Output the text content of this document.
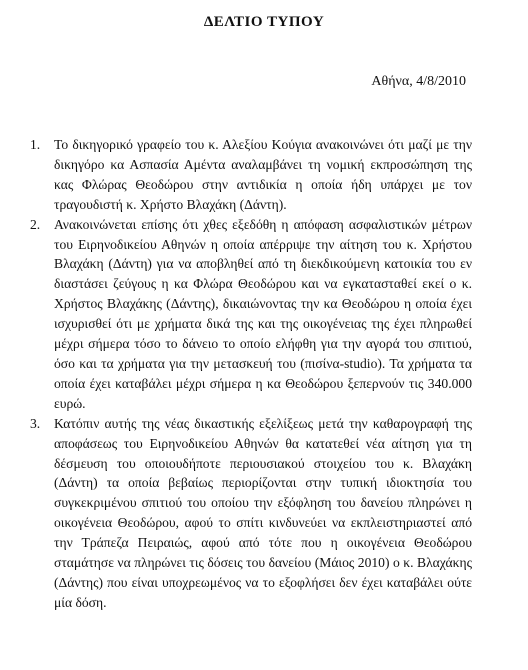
ΔΕΛΤΙΟ ΤΥΠΟΥ
Αθήνα, 4/8/2010
1.	Το δικηγορικό γραφείο του κ. Αλεξίου Κούγια ανακοινώνει ότι μαζί με την δικηγόρο κα Ασπασία Αμέντα αναλαμβάνει τη νομική εκπροσώπηση της κας Φλώρας Θεοδώρου στην αντιδικία η οποία ήδη υπάρχει με τον τραγουδιστή κ. Χρήστο Βλαχάκη (Δάντη).
2.	Ανακοινώνεται επίσης ότι χθες εξεδόθη η απόφαση ασφαλιστικών μέτρων του Ειρηνοδικείου Αθηνών η οποία απέρριψε την αίτηση του κ. Χρήστου Βλαχάκη (Δάντη) για να αποβληθεί από τη διεκδικούμενη κατοικία του εν διαστάσει ζεύγους η κα Φλώρα Θεοδώρου και να εγκατασταθεί εκεί ο κ. Χρήστος Βλαχάκης (Δάντης), δικαιώνοντας την κα Θεοδώρου η οποία έχει ισχυρισθεί ότι με χρήματα δικά της και της οικογένειας της έχει πληρωθεί μέχρι σήμερα τόσο το δάνειο το οποίο ελήφθη για την αγορά του σπιτιού, όσο και τα χρήματα για την μετασκευή του (πισίνα-studio). Τα χρήματα τα οποία έχει καταβάλει μέχρι σήμερα η κα Θεοδώρου ξεπερνούν τις 340.000 ευρώ.
3.	Κατόπιν αυτής της νέας δικαστικής εξελίξεως μετά την καθαρογραφή της αποφάσεως του Ειρηνοδικείου Αθηνών θα κατατεθεί νέα αίτηση για τη δέσμευση του οποιουδήποτε περιουσιακού στοιχείου του κ. Βλαχάκη (Δάντη) τα οποία βεβαίως περιορίζονται στην τυπική ιδιοκτησία του συγκεκριμένου σπιτιού του οποίου την εξόφληση του δανείου πληρώνει η οικογένεια Θεοδώρου, αφού το σπίτι κινδυνεύει να εκπλειστηριαστεί από την Τράπεζα Πειραιώς, αφού από τότε που η οικογένεια Θεοδώρου σταμάτησε να πληρώνει τις δόσεις του δανείου (Μάιος 2010) ο κ. Βλαχάκης (Δάντης) που είναι υποχρεωμένος να το εξοφλήσει δεν έχει καταβάλει ούτε μία δόση.
